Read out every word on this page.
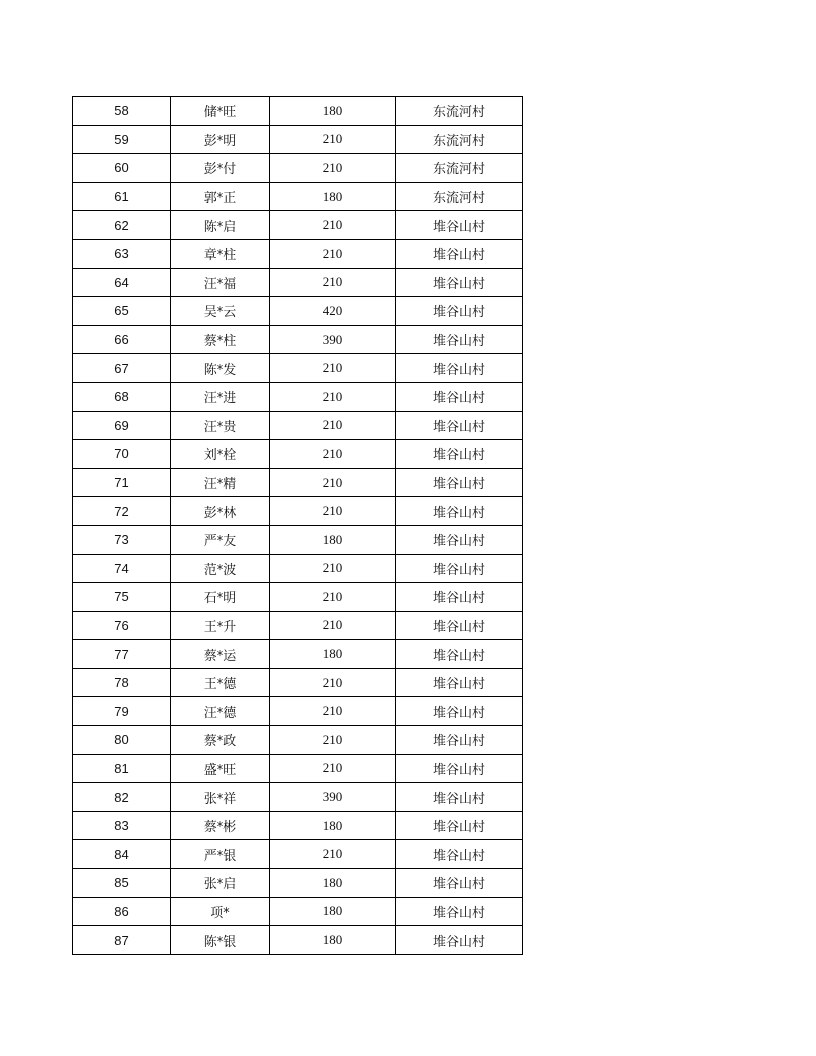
58	储*旺	180	东流河村
59	彭*明	210	东流河村
60	彭*付	210	东流河村
61	郭*正	180	东流河村
62	陈*启	210	堆谷山村
63	章*柱	210	堆谷山村
64	汪*福	210	堆谷山村
65	吴*云	420	堆谷山村
66	蔡*柱	390	堆谷山村
67	陈*发	210	堆谷山村
68	汪*进	210	堆谷山村
69	汪*贵	210	堆谷山村
70	刘*栓	210	堆谷山村
71	汪*精	210	堆谷山村
72	彭*林	210	堆谷山村
73	严*友	180	堆谷山村
74	范*波	210	堆谷山村
75	石*明	210	堆谷山村
76	王*升	210	堆谷山村
77	蔡*运	180	堆谷山村
78	王*德	210	堆谷山村
79	汪*德	210	堆谷山村
80	蔡*政	210	堆谷山村
81	盛*旺	210	堆谷山村
82	张*祥	390	堆谷山村
83	蔡*彬	180	堆谷山村
84	严*银	210	堆谷山村
85	张*启	180	堆谷山村
86	项*	180	堆谷山村
87	陈*银	180	堆谷山村
